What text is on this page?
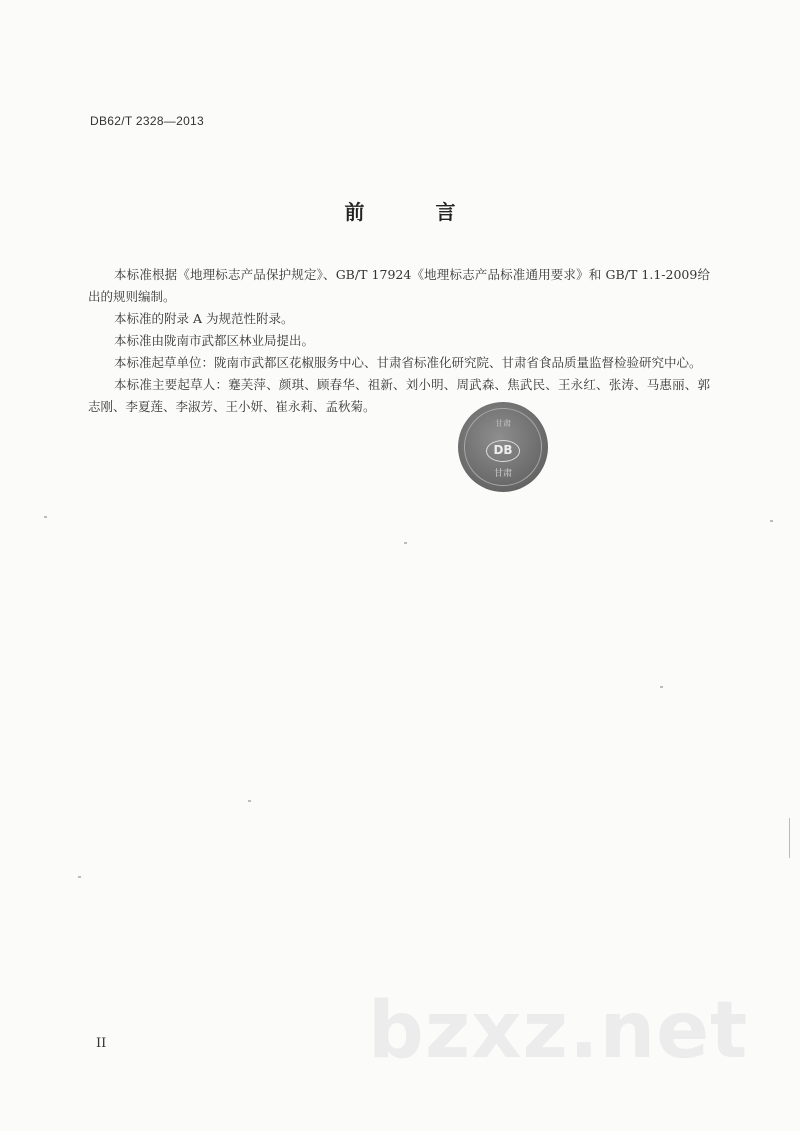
DB62/T 2328—2013
前 言

本标准根据《地理标志产品保护规定》、GB/T 17924《地理标志产品标准通用要求》和 GB/T 1.1-2009给出的规则编制。

本标准的附录 A 为规范性附录。

本标准由陇南市武都区林业局提出。

本标准起草单位：陇南市武都区花椒服务中心、甘肃省标准化研究院、甘肃省食品质量监督检验研究中心。

本标准主要起草人：蹇芙萍、颜琪、顾春华、祖新、刘小明、周武森、焦武民、王永红、张涛、马惠丽、郭志刚、李夏莲、李淑芳、王小妍、崔永莉、孟秋菊。

甘肃
DB
甘肃
bzxz.net
II
